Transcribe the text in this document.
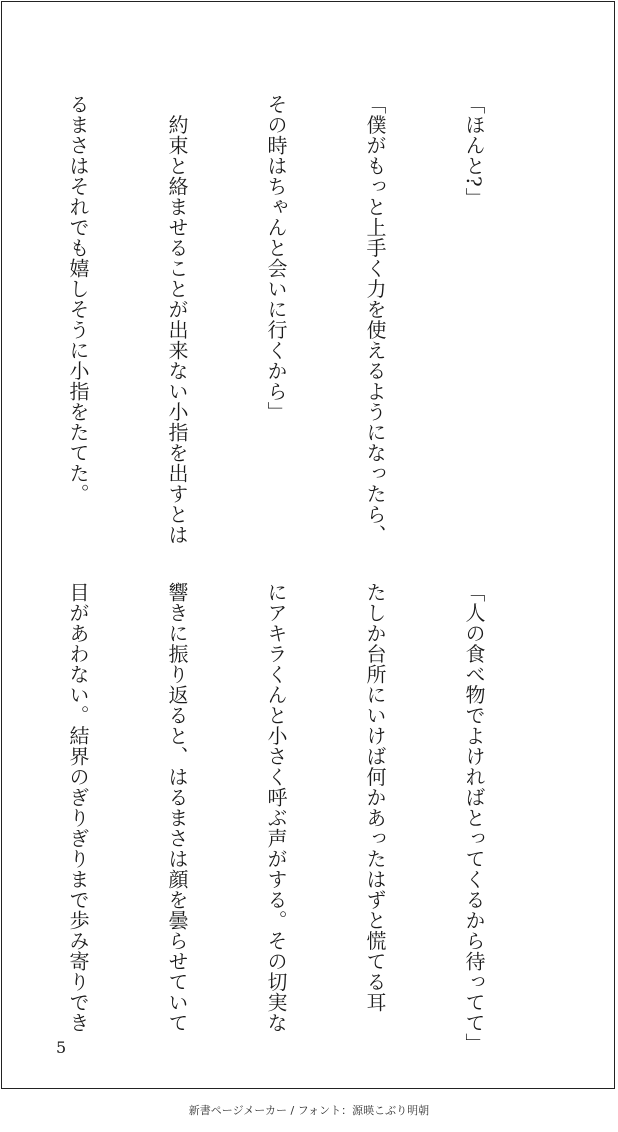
「ほんと?」

「僕がもっと上手く力を使えるようになったら、

その時はちゃんと会いに行くから」

　約束と絡ませることが出来ない小指を出すとは

るまさはそれでも嬉しそうに小指をたてた。

「人の食べ物でよければとってくるから待ってて」

たしか台所にいけば何かあったはずと慌てる耳

にアキラくんと小さく呼ぶ声がする。その切実な

響きに振り返ると、はるまさは顔を曇らせていて

目があわない。結界のぎりぎりまで歩み寄りでき

5
新書ページメーカー / フォント：源暎こぶり明朝
